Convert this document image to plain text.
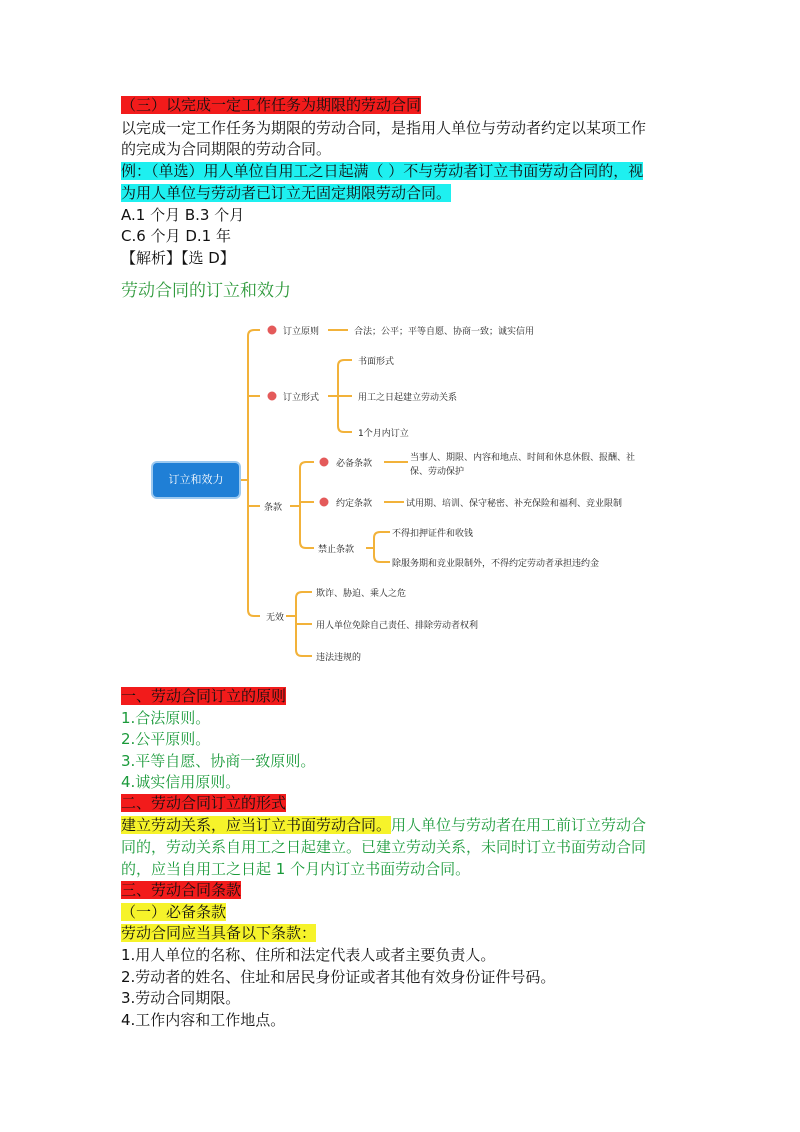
（三）以完成一定工作任务为期限的劳动合同
以完成一定工作任务为期限的劳动合同，是指用人单位与劳动者约定以某项工作
的完成为合同期限的劳动合同。
例：（单选）用人单位自用工之日起满（ ）不与劳动者订立书面劳动合同的，视
为用人单位与劳动者已订立无固定期限劳动合同。
A.1 个月 B.3 个月
C.6 个月 D.1 年
【解析】【选 D】
劳动合同的订立和效力
订立和效力
订立原则	合法；公平；平等自愿、协商一致；诚实信用
订立形式
书面形式
用工之日起建立劳动关系
1个月内订立
条款
必备条款
当事人、期限、内容和地点、时间和休息休假、报酬、社
保、劳动保护
约定条款	试用期、培训、保守秘密、补充保险和福利、竞业限制
禁止条款
不得扣押证件和收钱
除服务期和竞业限制外，不得约定劳动者承担违约金
无效
欺诈、胁迫、乘人之危
用人单位免除自己责任、排除劳动者权利
违法违规的
一、劳动合同订立的原则
1.合法原则。
2.公平原则。
3.平等自愿、协商一致原则。
4.诚实信用原则。
二、劳动合同订立的形式
建立劳动关系，应当订立书面劳动合同。用人单位与劳动者在用工前订立劳动合
同的，劳动关系自用工之日起建立。已建立劳动关系，未同时订立书面劳动合同
的，应当自用工之日起 1 个月内订立书面劳动合同。
三、劳动合同条款
（一）必备条款
劳动合同应当具备以下条款：
1.用人单位的名称、住所和法定代表人或者主要负责人。
2.劳动者的姓名、住址和居民身份证或者其他有效身份证件号码。
3.劳动合同期限。
4.工作内容和工作地点。
